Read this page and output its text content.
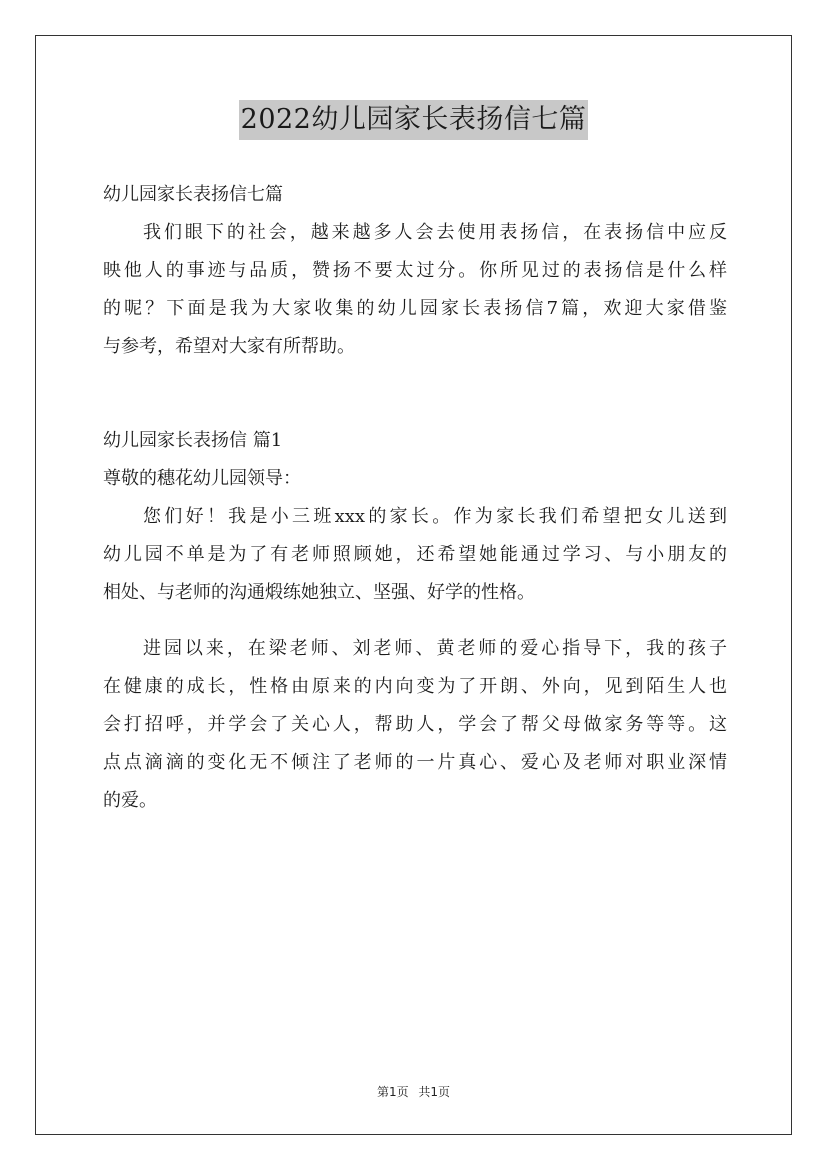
2022幼儿园家长表扬信七篇
幼儿园家长表扬信七篇
我们眼下的社会，越来越多人会去使用表扬信，在表扬信中应反
映他人的事迹与品质，赞扬不要太过分。你所见过的表扬信是什么样
的呢？下面是我为大家收集的幼儿园家长表扬信7篇，欢迎大家借鉴
与参考，希望对大家有所帮助。
幼儿园家长表扬信 篇1
尊敬的穗花幼儿园领导：
您们好！我是小三班xxx的家长。作为家长我们希望把女儿送到
幼儿园不单是为了有老师照顾她，还希望她能通过学习、与小朋友的
相处、与老师的沟通煅练她独立、坚强、好学的性格。
进园以来，在梁老师、刘老师、黄老师的爱心指导下，我的孩子
在健康的成长，性格由原来的内向变为了开朗、外向，见到陌生人也
会打招呼，并学会了关心人，帮助人，学会了帮父母做家务等等。这
点点滴滴的变化无不倾注了老师的一片真心、爱心及老师对职业深情
的爱。
第1页 共1页
